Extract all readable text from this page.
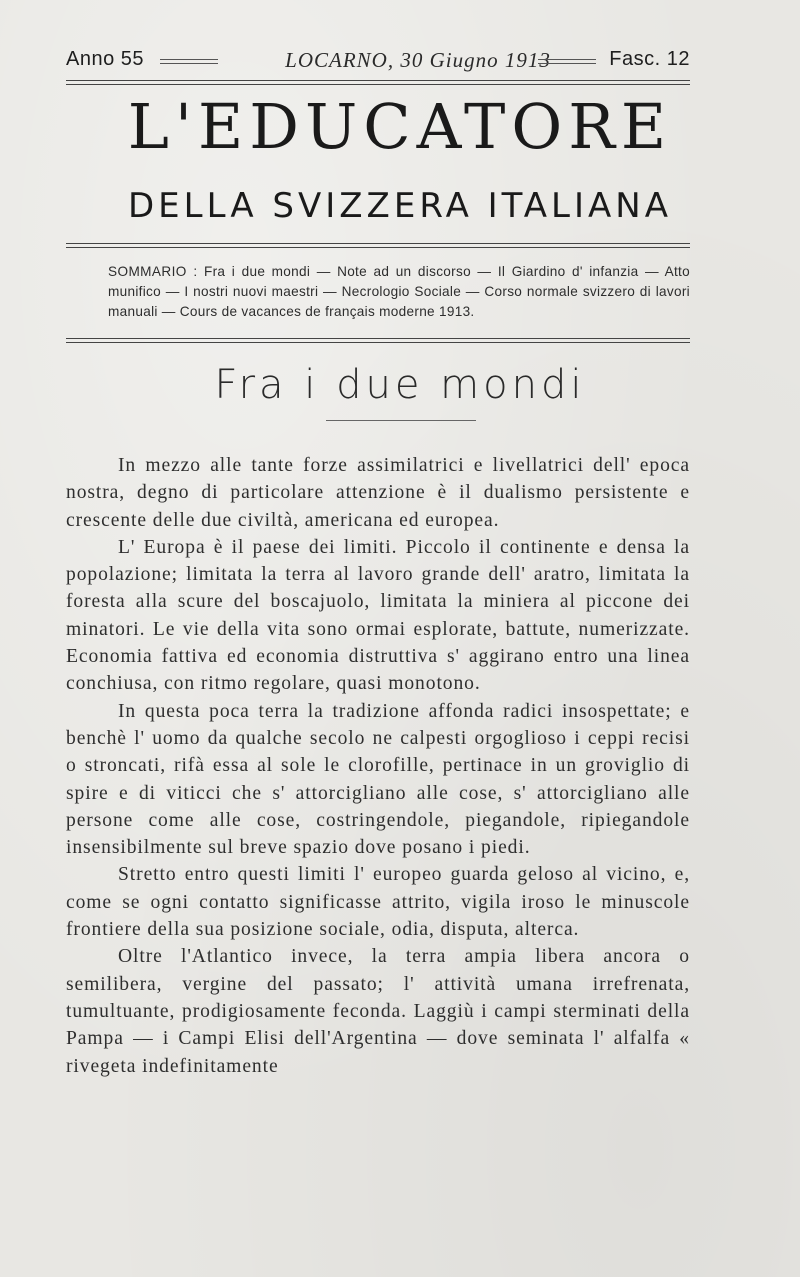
Anno 55	LOCARNO, 30 Giugno 1913	Fasc. 12
L'EDUCATORE
DELLA SVIZZERA ITALIANA
SOMMARIO : Fra i due mondi — Note ad un discorso — Il Giardino d' infanzia — Atto munifico — I nostri nuovi maestri — Necrologio Sociale — Corso normale svizzero di lavori manuali — Cours de vacances de français moderne 1913.
Fra i due mondi

In mezzo alle tante forze assimilatrici e livellatrici dell' epoca nostra, degno di particolare attenzione è il dualismo persistente e crescente delle due civiltà, americana ed europea.

L' Europa è il paese dei limiti. Piccolo il continente e densa la popolazione; limitata la terra al lavoro grande dell' aratro, limitata la foresta alla scure del boscajuolo, limitata la miniera al piccone dei minatori. Le vie della vita sono ormai esplorate, battute, numerizzate. Economia fattiva ed economia distruttiva s' aggirano entro una linea conchiusa, con ritmo regolare, quasi monotono.

In questa poca terra la tradizione affonda radici insospettate; e benchè l' uomo da qualche secolo ne calpesti orgoglioso i ceppi recisi o stroncati, rifà essa al sole le clorofille, pertinace in un groviglio di spire e di viticci che s' attorcigliano alle cose, s' attorcigliano alle persone come alle cose, costringendole, piegandole, ripiegandole insensibilmente sul breve spazio dove posano i piedi.

Stretto entro questi limiti l' europeo guarda geloso al vicino, e, come se ogni contatto significasse attrito, vigila iroso le minuscole frontiere della sua posizione sociale, odia, disputa, alterca.

Oltre l'Atlantico invece, la terra ampia libera ancora o semilibera, vergine del passato; l' attività umana irrefrenata, tumultuante, prodigiosamente feconda. Laggiù i campi sterminati della Pampa — i Campi Elisi dell'Argentina — dove seminata l' alfalfa « rivegeta indefinitamente
